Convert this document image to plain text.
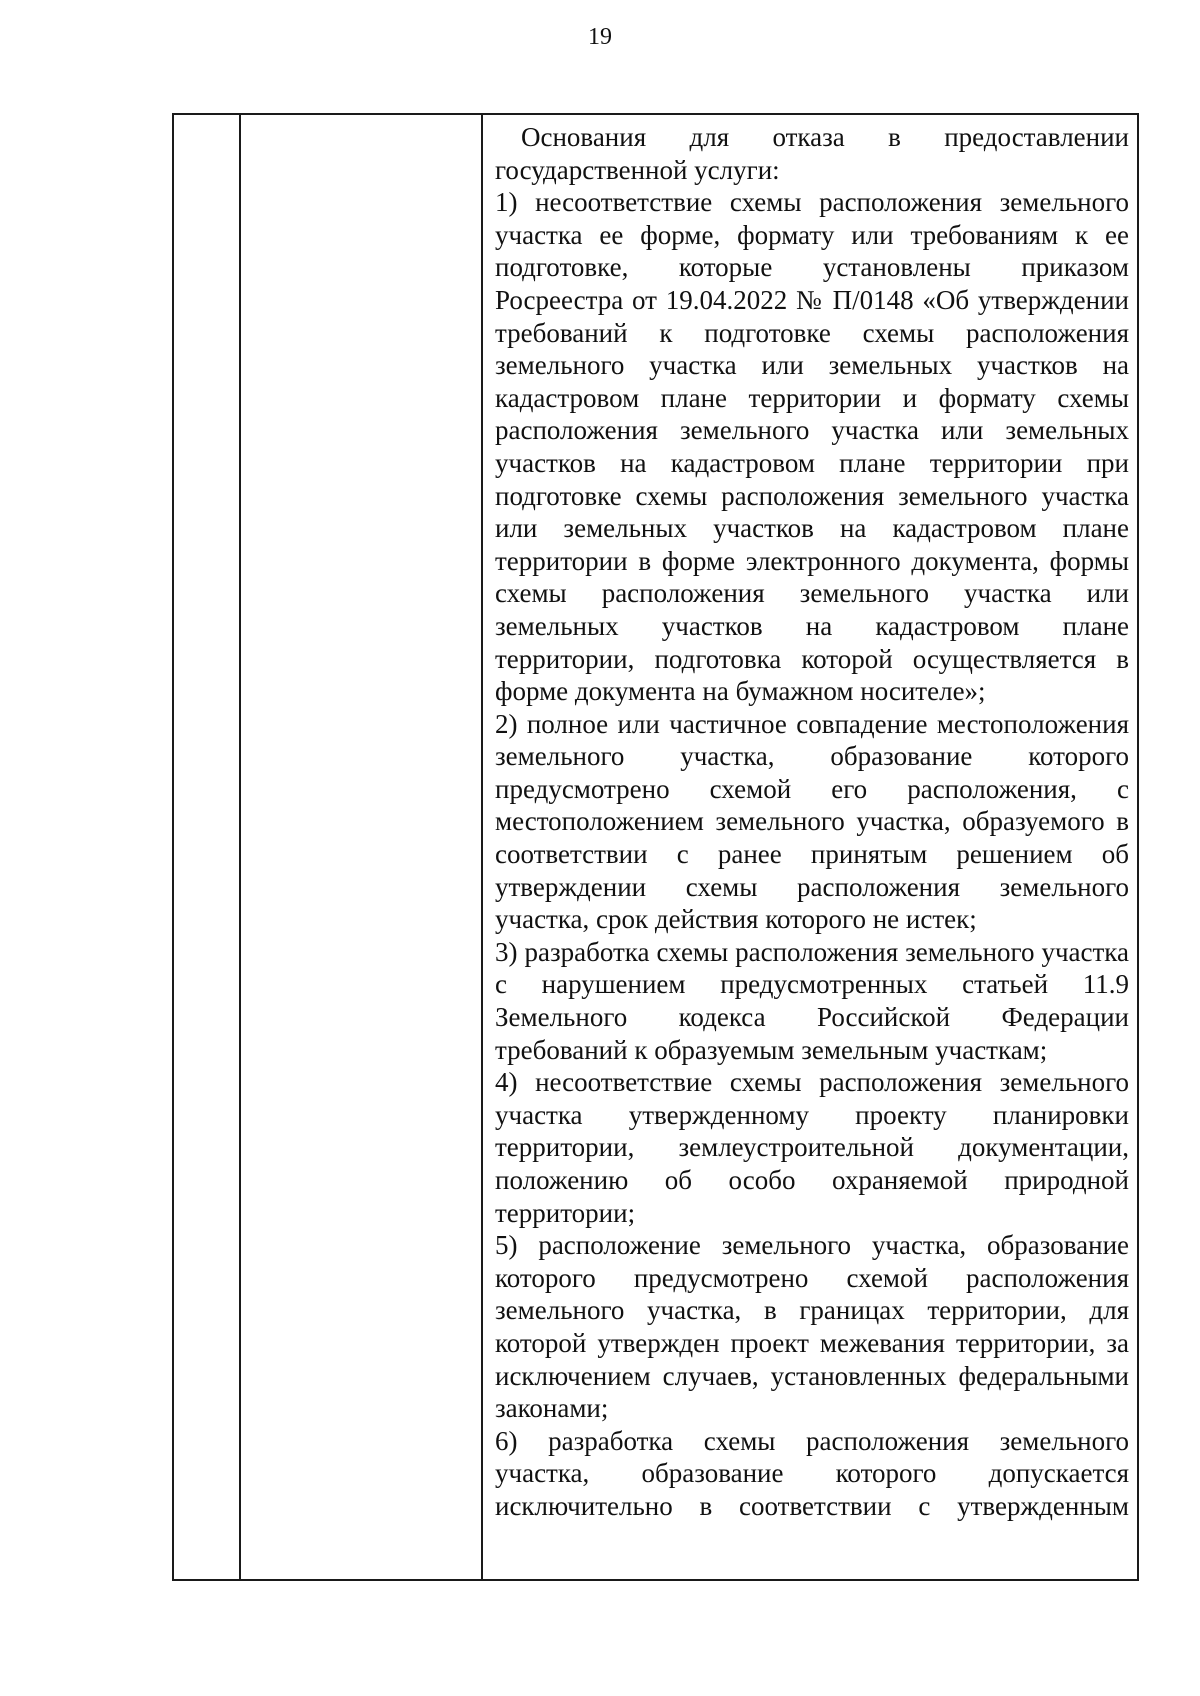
19
Основания для отказа в предоставлении государственной услуги:
1) несоответствие схемы расположения земельного участка ее форме, формату или требованиям к ее подготовке, которые установлены приказом Росреестра от 19.04.2022 № П/0148 «Об утверждении требований к подготовке схемы расположения земельного участка или земельных участков на кадастровом плане территории и формату схемы расположения земельного участка или земельных участков на кадастровом плане территории при подготовке схемы расположения земельного участка или земельных участков на кадастровом плане территории в форме электронного документа, формы схемы расположения земельного участка или земельных участков на кадастровом плане территории, подготовка которой осуществляется в форме документа на бумажном носителе»;
2) полное или частичное совпадение местоположения земельного участка, образование которого предусмотрено схемой его расположения, с местоположением земельного участка, образуемого в соответствии с ранее принятым решением об утверждении схемы расположения земельного участка, срок действия которого не истек;
3) разработка схемы расположения земельного участка с нарушением предусмотренных статьей 11.9 Земельного кодекса Российской Федерации требований к образуемым земельным участкам;
4) несоответствие схемы расположения земельного участка утвержденному проекту планировки территории, землеустроительной документации, положению об особо охраняемой природной территории;
5) расположение земельного участка, образование которого предусмотрено схемой расположения земельного участка, в границах территории, для которой утвержден проект межевания территории, за исключением случаев, установленных федеральными законами;
6) разработка схемы расположения земельного участка, образование которого допускается исключительно в соответствии с утвержденным
